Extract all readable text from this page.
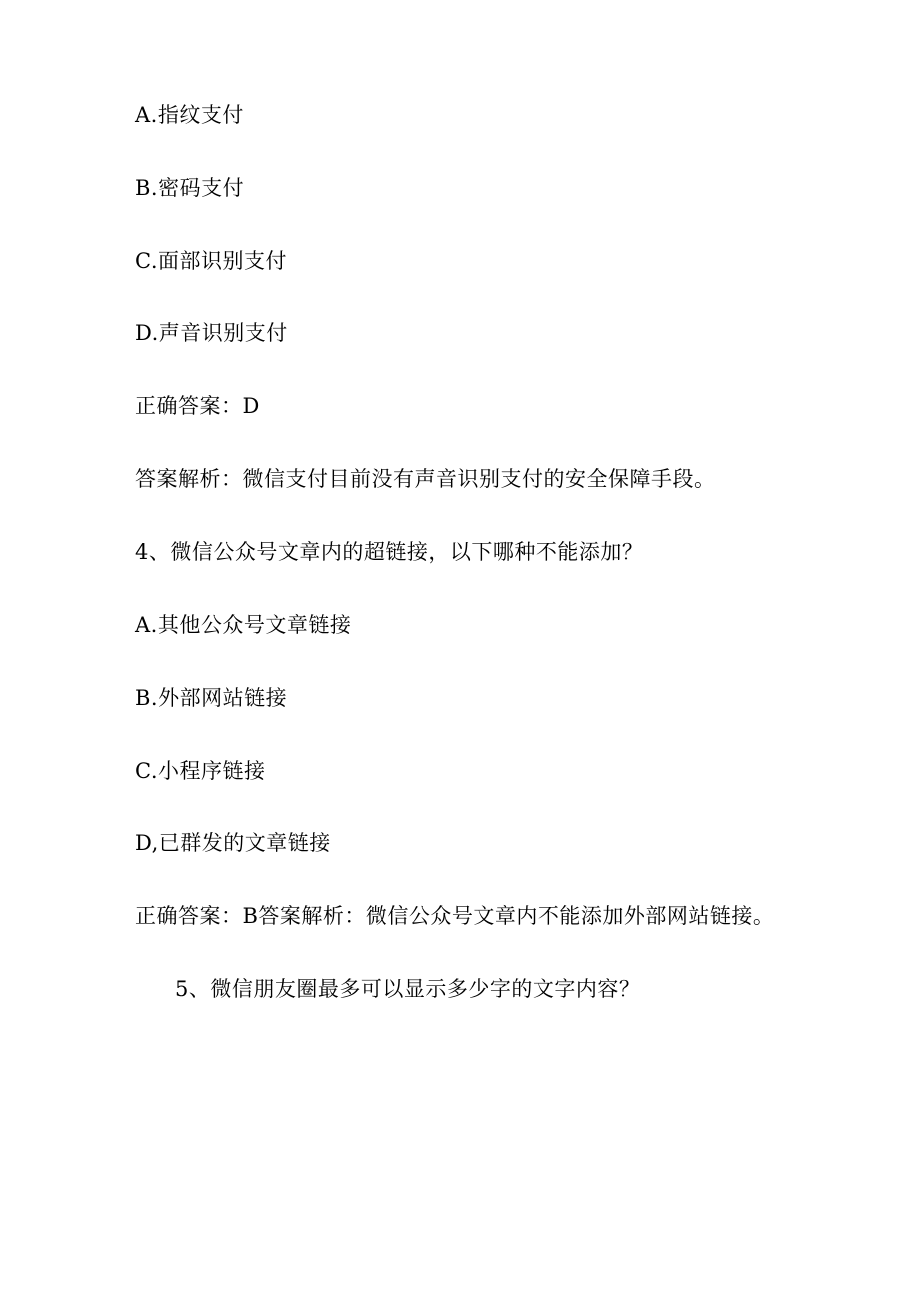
A.指纹支付
B.密码支付
C.面部识别支付
D.声音识别支付
正确答案：D
答案解析：微信支付目前没有声音识别支付的安全保障手段。
4、微信公众号文章内的超链接，以下哪种不能添加？
A.其他公众号文章链接
B.外部网站链接
C.小程序链接
D,已群发的文章链接
正确答案：B答案解析：微信公众号文章内不能添加外部网站链接。
5、微信朋友圈最多可以显示多少字的文字内容？
